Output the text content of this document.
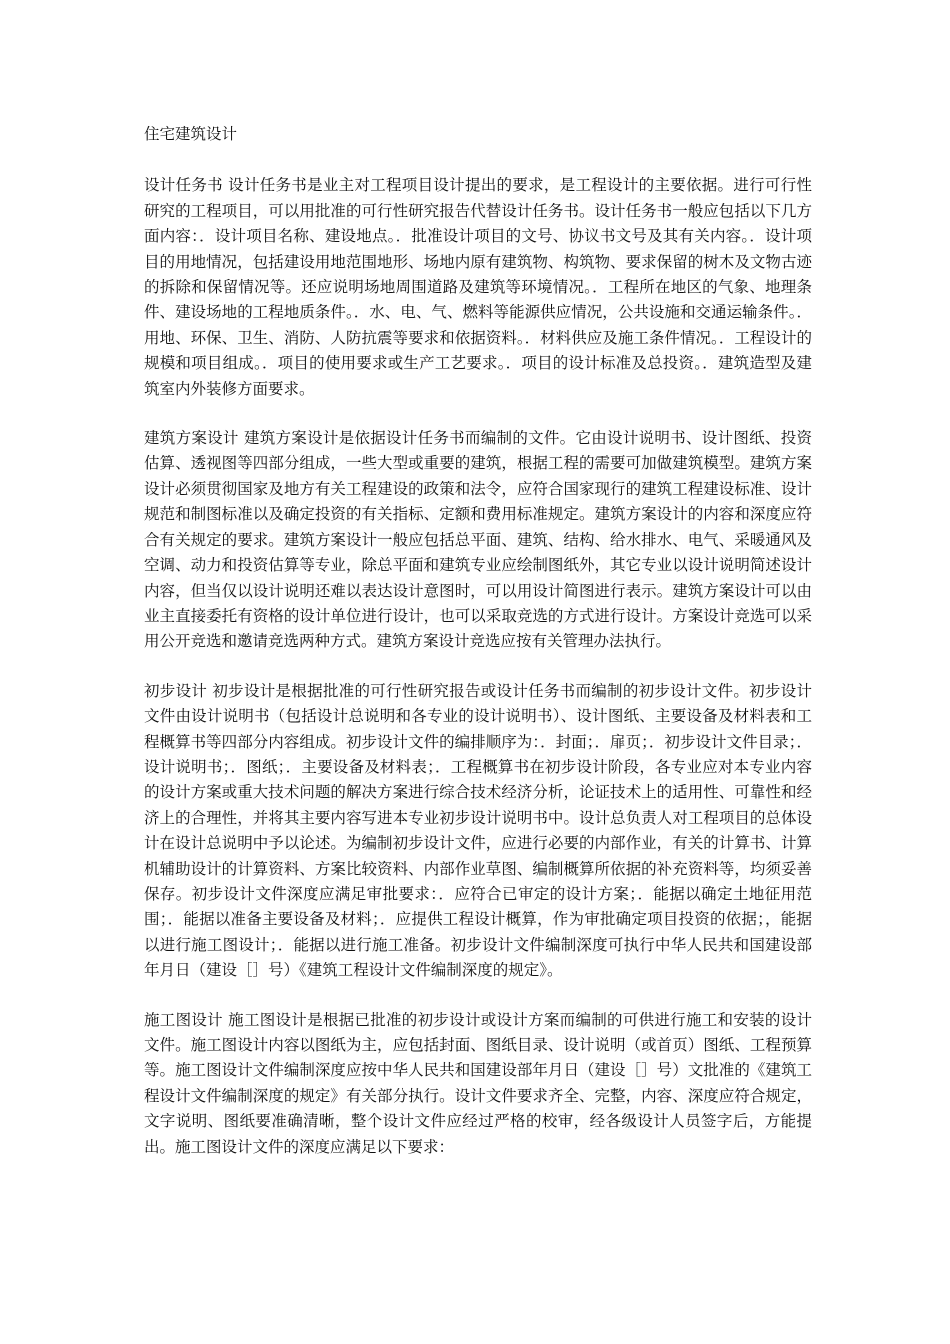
住宅建筑设计

设计任务书 设计任务书是业主对工程项目设计提出的要求，是工程设计的主要依据。进行可行性研究的工程项目，可以用批准的可行性研究报告代替设计任务书。设计任务书一般应包括以下几方面内容：．设计项目名称、建设地点。．批准设计项目的文号、协议书文号及其有关内容。．设计项目的用地情况，包括建设用地范围地形、场地内原有建筑物、构筑物、要求保留的树木及文物古迹的拆除和保留情况等。还应说明场地周围道路及建筑等环境情况。．工程所在地区的气象、地理条件、建设场地的工程地质条件。．水、电、气、燃料等能源供应情况，公共设施和交通运输条件。．用地、环保、卫生、消防、人防抗震等要求和依据资料。．材料供应及施工条件情况。．工程设计的规模和项目组成。．项目的使用要求或生产工艺要求。．项目的设计标准及总投资。．建筑造型及建筑室内外装修方面要求。

建筑方案设计 建筑方案设计是依据设计任务书而编制的文件。它由设计说明书、设计图纸、投资估算、透视图等四部分组成，一些大型或重要的建筑，根据工程的需要可加做建筑模型。建筑方案设计必须贯彻国家及地方有关工程建设的政策和法令，应符合国家现行的建筑工程建设标准、设计规范和制图标准以及确定投资的有关指标、定额和费用标准规定。建筑方案设计的内容和深度应符合有关规定的要求。建筑方案设计一般应包括总平面、建筑、结构、给水排水、电气、采暖通风及空调、动力和投资估算等专业，除总平面和建筑专业应绘制图纸外，其它专业以设计说明简述设计内容，但当仅以设计说明还难以表达设计意图时，可以用设计简图进行表示。建筑方案设计可以由业主直接委托有资格的设计单位进行设计，也可以采取竞选的方式进行设计。方案设计竞选可以采用公开竞选和邀请竞选两种方式。建筑方案设计竞选应按有关管理办法执行。

初步设计 初步设计是根据批准的可行性研究报告或设计任务书而编制的初步设计文件。初步设计文件由设计说明书（包括设计总说明和各专业的设计说明书）、设计图纸、主要设备及材料表和工程概算书等四部分内容组成。初步设计文件的编排顺序为：．封面；．扉页；．初步设计文件目录；．设计说明书；．图纸；．主要设备及材料表；．工程概算书在初步设计阶段，各专业应对本专业内容的设计方案或重大技术问题的解决方案进行综合技术经济分析，论证技术上的适用性、可靠性和经济上的合理性，并将其主要内容写进本专业初步设计说明书中。设计总负责人对工程项目的总体设计在设计总说明中予以论述。为编制初步设计文件，应进行必要的内部作业，有关的计算书、计算机辅助设计的计算资料、方案比较资料、内部作业草图、编制概算所依据的补充资料等，均须妥善保存。初步设计文件深度应满足审批要求：．应符合已审定的设计方案；．能据以确定土地征用范围；．能据以准备主要设备及材料；．应提供工程设计概算，作为审批确定项目投资的依据；，能据以进行施工图设计；．能据以进行施工准备。初步设计文件编制深度可执行中华人民共和国建设部年月日（建设［］号）《建筑工程设计文件编制深度的规定》。

施工图设计 施工图设计是根据已批准的初步设计或设计方案而编制的可供进行施工和安装的设计文件。施工图设计内容以图纸为主，应包括封面、图纸目录、设计说明（或首页）图纸、工程预算等。施工图设计文件编制深度应按中华人民共和国建设部年月日（建设［］号）文批准的《建筑工程设计文件编制深度的规定》有关部分执行。设计文件要求齐全、完整，内容、深度应符合规定，文字说明、图纸要准确清晰，整个设计文件应经过严格的校审，经各级设计人员签字后，方能提出。施工图设计文件的深度应满足以下要求：
